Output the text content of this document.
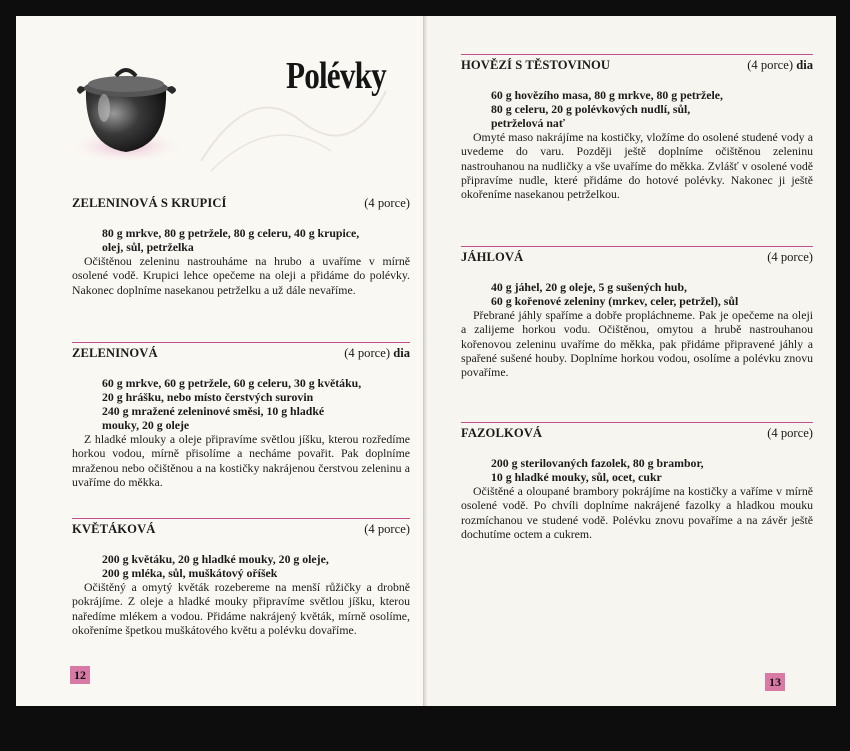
Polévky
ZELENINOVÁ S KRUPICÍ	(4 porce)
80 g mrkve, 80 g petržele, 80 g celeru, 40 g krupice,
olej, sůl, petrželka

Očištěnou zeleninu nastrouháme na hrubo a uvaříme v mírně osolené vodě. Krupici lehce opečeme na oleji a přidáme do polévky. Nakonec doplníme nasekanou petrželku a už dále nevaříme.

ZELENINOVÁ	(4 porce) dia
60 g mrkve, 60 g petržele, 60 g celeru, 30 g květáku,
20 g hrášku, nebo místo čerstvých surovin
240 g mražené zeleninové směsi, 10 g hladké
mouky, 20 g oleje

Z hladké mlouky a oleje připravíme světlou jíšku, kterou rozředíme horkou vodou, mírně přisolíme a necháme povařit. Pak doplníme mraženou nebo očištěnou a na kostičky nakrájenou čerstvou zeleninu a uvaříme do měkka.

KVĚTÁKOVÁ	(4 porce)
200 g květáku, 20 g hladké mouky, 20 g oleje,
200 g mléka, sůl, muškátový oříšek

Očištěný a omytý květák rozebereme na menší růžičky a drobně pokrájíme. Z oleje a hladké mouky připravíme světlou jíšku, kterou naředíme mlékem a vodou. Přidáme nakrájený květák, mírně osolíme, okořeníme špetkou muškátového květu a polévku dovaříme.

12
HOVĚZÍ S TĚSTOVINOU	(4 porce) dia
60 g hovězího masa, 80 g mrkve, 80 g petržele,
80 g celeru, 20 g polévkových nudlí, sůl,
petrželová nať

Omyté maso nakrájíme na kostičky, vložíme do osolené studené vody a uvedeme do varu. Později ještě doplníme očištěnou zeleninu nastrouhanou na nudličky a vše uvaříme do měkka. Zvlášť v osolené vodě připravíme nudle, které přidáme do hotové polévky. Nakonec ji ještě okořeníme nasekanou petrželkou.

JÁHLOVÁ	(4 porce)
40 g jáhel, 20 g oleje, 5 g sušených hub,
60 g kořenové zeleniny (mrkev, celer, petržel), sůl

Přebrané jáhly spaříme a dobře propláchneme. Pak je opečeme na oleji a zalijeme horkou vodu. Očištěnou, omytou a hrubě nastrouhanou kořenovou zeleninu uvaříme do měkka, pak přidáme připravené jáhly a spařené sušené houby. Doplníme horkou vodou, osolíme a polévku znovu povaříme.

FAZOLKOVÁ	(4 porce)
200 g sterilovaných fazolek, 80 g brambor,
10 g hladké mouky, sůl, ocet, cukr

Očištěné a oloupané brambory pokrájíme na kostičky a vaříme v mírně osolené vodě. Po chvíli doplníme nakrájené fazolky a hladkou mouku rozmíchanou ve studené vodě. Polévku znovu povaříme a na závěr ještě dochutíme octem a cukrem.

13
